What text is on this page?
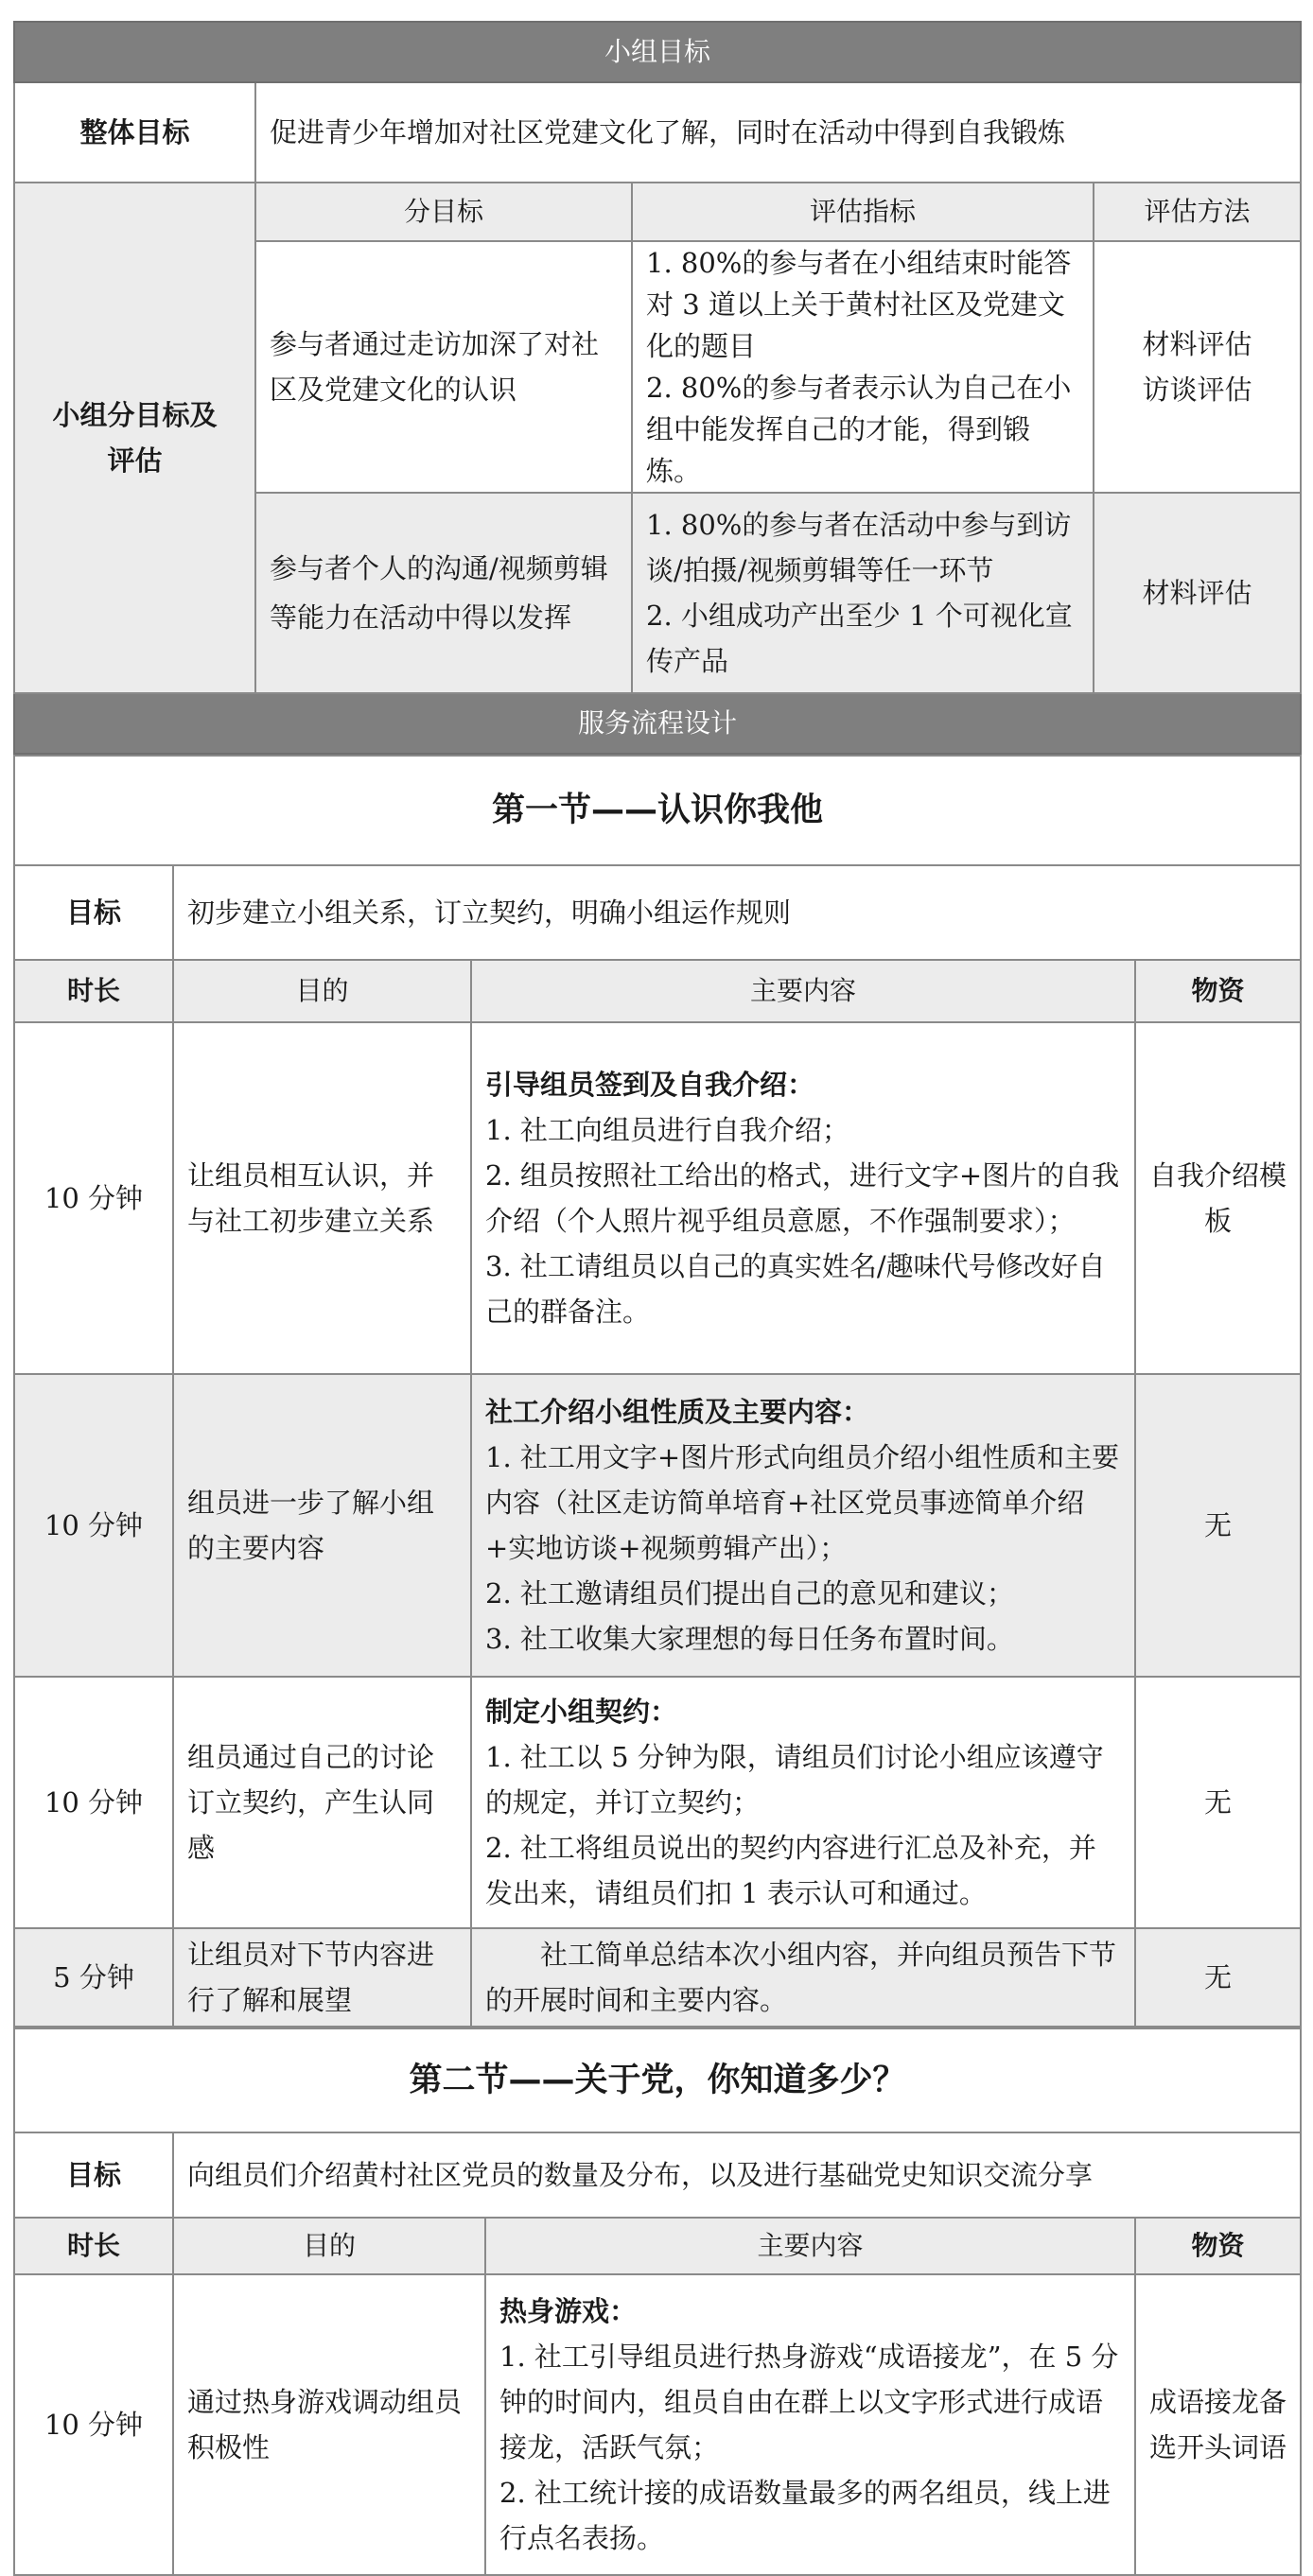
小组目标			
整体目标	促进青少年增加对社区党建文化了解，同时在活动中得到自我锻炼		
小组分目标及评估	分目标	评估指标	评估方法
	参与者通过走访加深了对社区及党建文化的认识	1. 80%的参与者在小组结束时能答对 3 道以上关于黄村社区及党建文化的题目
2. 80%的参与者表示认为自己在小组中能发挥自己的才能，得到锻炼。	材料评估访谈评估
	参与者个人的沟通/视频剪辑等能力在活动中得以发挥	1. 80%的参与者在活动中参与到访谈/拍摄/视频剪辑等任一环节
2. 小组成功产出至少 1 个可视化宣传产品	材料评估
服务流程设计			
第一节——认识你我他			
目标	初步建立小组关系，订立契约，明确小组运作规则		
时长	目的	主要内容	物资
10 分钟	让组员相互认识，并与社工初步建立关系	引导组员签到及自我介绍：
1. 社工向组员进行自我介绍；
2. 组员按照社工给出的格式，进行文字+图片的自我介绍（个人照片视乎组员意愿，不作强制要求）；
3. 社工请组员以自己的真实姓名/趣味代号修改好自己的群备注。	自我介绍模板
10 分钟	组员进一步了解小组的主要内容	社工介绍小组性质及主要内容：
1. 社工用文字+图片形式向组员介绍小组性质和主要内容（社区走访简单培育+社区党员事迹简单介绍+实地访谈+视频剪辑产出）；
2. 社工邀请组员们提出自己的意见和建议；
3. 社工收集大家理想的每日任务布置时间。	无
10 分钟	组员通过自己的讨论订立契约，产生认同感	制定小组契约：
1. 社工以 5 分钟为限，请组员们讨论小组应该遵守的规定，并订立契约；
2. 社工将组员说出的契约内容进行汇总及补充，并发出来，请组员们扣 1 表示认可和通过。	无
5 分钟	让组员对下节内容进行了解和展望	社工简单总结本次小组内容，并向组员预告下节的开展时间和主要内容。	无
第二节——关于党，你知道多少？			
目标	向组员们介绍黄村社区党员的数量及分布，以及进行基础党史知识交流分享		
时长	目的	主要内容	物资
10 分钟	通过热身游戏调动组员积极性	热身游戏：
1. 社工引导组员进行热身游戏“成语接龙”，在 5 分钟的时间内，组员自由在群上以文字形式进行成语接龙，活跃气氛；
2. 社工统计接的成语数量最多的两名组员，线上进行点名表扬。	成语接龙备选开头词语
